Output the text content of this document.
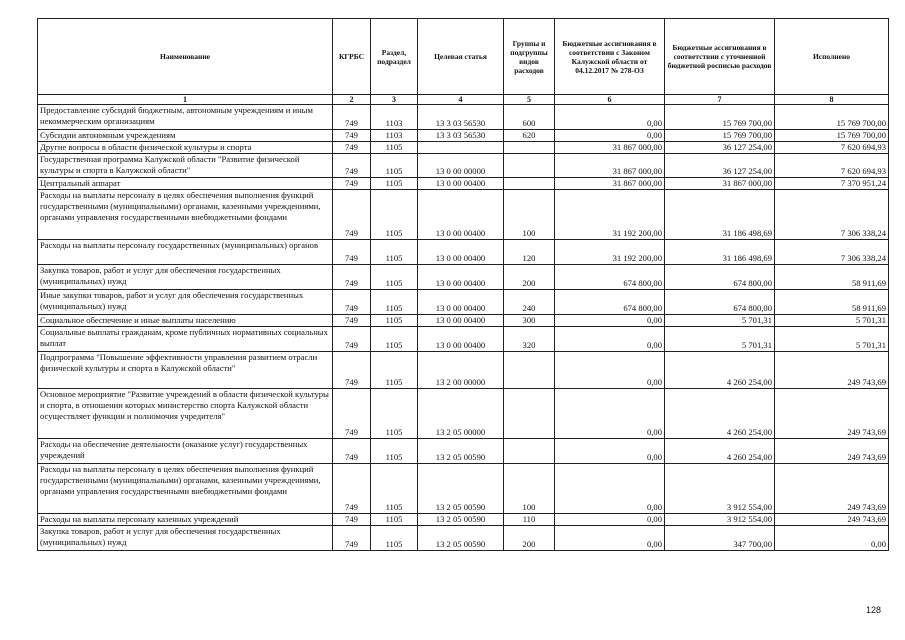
Наименование	КГРБС	Раздел, подраздел	Целевая статья	Группы и подгруппы видов расходов	Бюджетные ассигнования в соответствии с Законом Калужской области от 04.12.2017 № 278-ОЗ	Бюджетные ассигнования в соответствии с уточненной бюджетной росписью расходов	Исполнено
1	2	3	4	5	6	7	8
Предоставление субсидий бюджетным, автономным учреждениям и иным некоммерческим организациям	749	1103	13 3 03 56530	600	0,00	15 769 700,00	15 769 700,00
Субсидии автономным учреждениям	749	1103	13 3 03 56530	620	0,00	15 769 700,00	15 769 700,00
Другие вопросы в области физической культуры и спорта	749	1105			31 867 000,00	36 127 254,00	7 620 694,93
Государственная программа Калужской области "Развитие физической культуры и спорта в Калужской области"	749	1105	13 0 00 00000		31 867 000,00	36 127 254,00	7 620 694,93
Центральный аппарат	749	1105	13 0 00 00400		31 867 000,00	31 867 000,00	7 370 951,24
Расходы на выплаты персоналу в целях обеспечения выполнения функций государственными (муниципальными) органами, казенными учреждениями, органами управления государственными внебюджетными фондами	749	1105	13 0 00 00400	100	31 192 200,00	31 186 498,69	7 306 338,24
Расходы на выплаты персоналу государственных (муниципальных) органов	749	1105	13 0 00 00400	120	31 192 200,00	31 186 498,69	7 306 338,24
Закупка товаров, работ и услуг для обеспечения государственных (муниципальных) нужд	749	1105	13 0 00 00400	200	674 800,00	674 800,00	58 911,69
Иные закупки товаров, работ и услуг для обеспечения государственных (муниципальных) нужд	749	1105	13 0 00 00400	240	674 800,00	674 800,00	58 911,69
Социальное обеспечение и иные выплаты населению	749	1105	13 0 00 00400	300	0,00	5 701,31	5 701,31
Социальные выплаты гражданам, кроме публичных нормативных социальных выплат	749	1105	13 0 00 00400	320	0,00	5 701,31	5 701,31
Подпрограмма "Повышение эффективности управления развитием отрасли физической культуры и спорта в Калужской области"	749	1105	13 2 00 00000		0,00	4 260 254,00	249 743,69
Основное мероприятие "Развитие учреждений в области физической культуры и спорта, в отношении которых министерство спорта Калужской области осуществляет функции и полномочия учредителя"	749	1105	13 2 05 00000		0,00	4 260 254,00	249 743,69
Расходы на обеспечение деятельности (оказание услуг) государственных учреждений	749	1105	13 2 05 00590		0,00	4 260 254,00	249 743,69
Расходы на выплаты персоналу в целях обеспечения выполнения функций государственными (муниципальными) органами, казенными учреждениями, органами управления государственными внебюджетными фондами	749	1105	13 2 05 00590	100	0,00	3 912 554,00	249 743,69
Расходы на выплаты персоналу казенных учреждений	749	1105	13 2 05 00590	110	0,00	3 912 554,00	249 743,69
Закупка товаров, работ и услуг для обеспечения государственных (муниципальных) нужд	749	1105	13 2 05 00590	200	0,00	347 700,00	0,00
128
